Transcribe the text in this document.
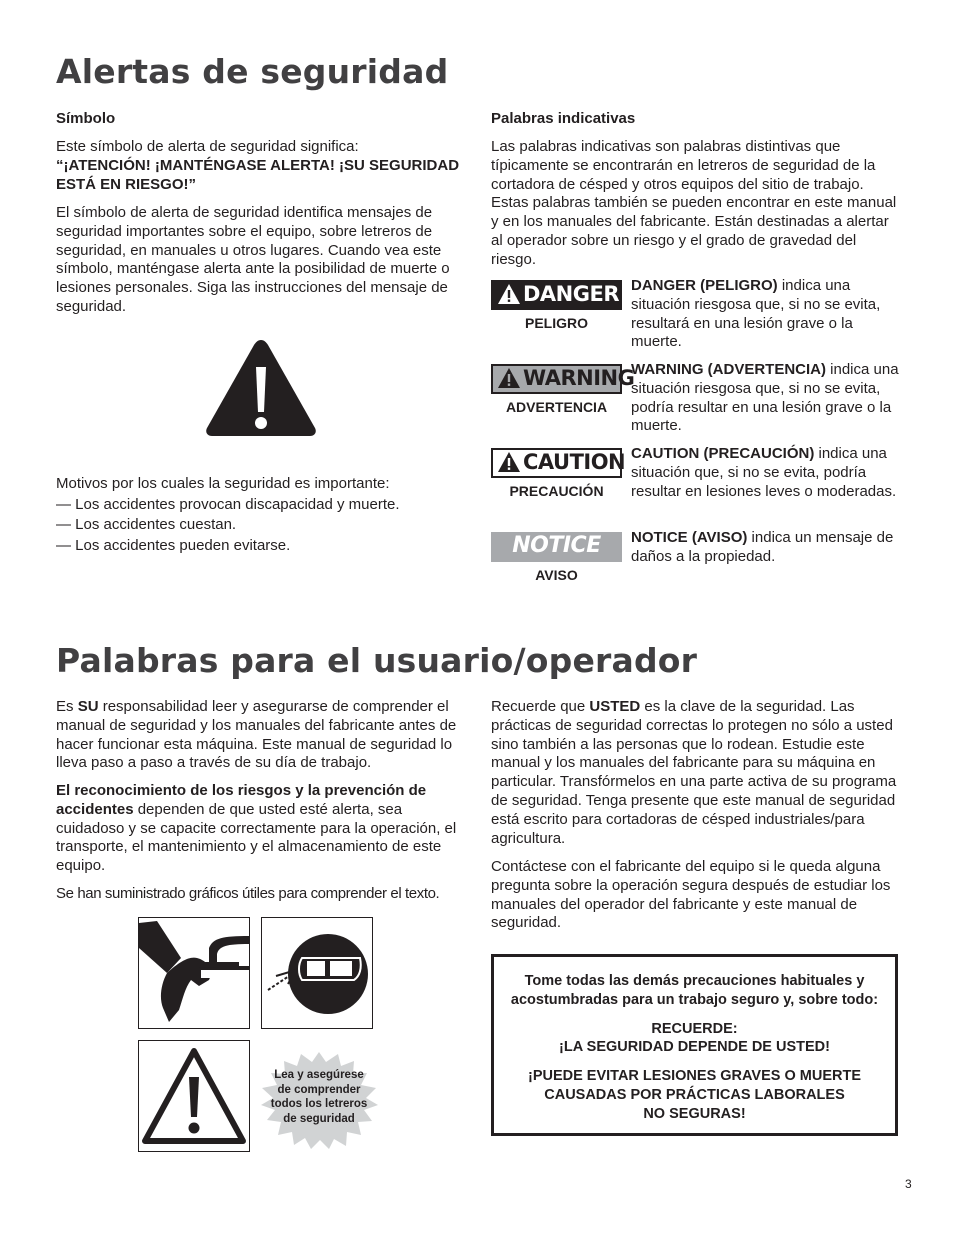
Alertas de seguridad

Símbolo

Este símbolo de alerta de seguridad significa:
“¡ATENCIÓN! ¡MANTÉNGASE ALERTA! ¡SU SEGURIDAD ESTÁ EN RIESGO!”

El símbolo de alerta de seguridad identifica mensajes de seguridad importantes sobre el equipo, sobre letreros de seguridad, en manuales u otros lugares. Cuando vea este símbolo, manténgase alerta ante la posibilidad de muerte o lesiones personales. Siga las instrucciones del mensaje de seguridad.

Motivos por los cuales la seguridad es importante:

— Los accidentes provocan discapacidad y muerte.

— Los accidentes cuestan.

— Los accidentes pueden evitarse.

Palabras indicativas

Las palabras indicativas son palabras distintivas que típicamente se encontrarán en letreros de seguridad de la cortadora de césped y otros equipos del sitio de trabajo. Estas palabras también se pueden encontrar en este manual y en los manuales del fabricante. Están destinadas a alertar al operador sobre un riesgo y el grado de gravedad del riesgo.

DANGER
PELIGRO

DANGER (PELIGRO) indica una situación riesgosa que, si no se evita, resultará en una lesión grave o la muerte.

WARNING
ADVERTENCIA

WARNING (ADVERTENCIA) indica una situación riesgosa que, si no se evita, podría resultar en una lesión grave o la muerte.

CAUTION
PRECAUCIÓN

CAUTION (PRECAUCIÓN) indica una situación que, si no se evita, podría resultar en lesiones leves o moderadas.

NOTICE
AVISO

NOTICE (AVISO) indica un mensaje de daños a la propiedad.

Palabras para el usuario/operador

Es SU responsabilidad leer y asegurarse de comprender el manual de seguridad y los manuales del fabricante antes de hacer funcionar esta máquina. Este manual de seguridad lo lleva paso a paso a través de su día de trabajo.

El reconocimiento de los riesgos y la prevención de accidentes dependen de que usted esté alerta, sea cuidadoso y se capacite correctamente para la operación, el transporte, el mantenimiento y el almacenamiento de este equipo.

Se han suministrado gráficos útiles para comprender el texto.

Lea y asegúrese
de comprender
todos los letreros
de seguridad

Recuerde que USTED es la clave de la seguridad. Las prácticas de seguridad correctas lo protegen no sólo a usted sino también a las personas que lo rodean. Estudie este manual y los manuales del fabricante para su máquina en particular. Transfórmelos en una parte activa de su programa de seguridad. Tenga presente que este manual de seguridad está escrito para cortadoras de césped industriales/para agricultura.

Contáctese con el fabricante del equipo si le queda alguna pregunta sobre la operación segura después de estudiar los manuales del operador del fabricante y este manual de seguridad.

Tome todas las demás precauciones habituales y acostumbradas para un trabajo seguro y, sobre todo:

RECUERDE:
¡LA SEGURIDAD DEPENDE DE USTED!

¡PUEDE EVITAR LESIONES GRAVES O MUERTE
CAUSADAS POR PRÁCTICAS LABORALES
NO SEGURAS!

3
